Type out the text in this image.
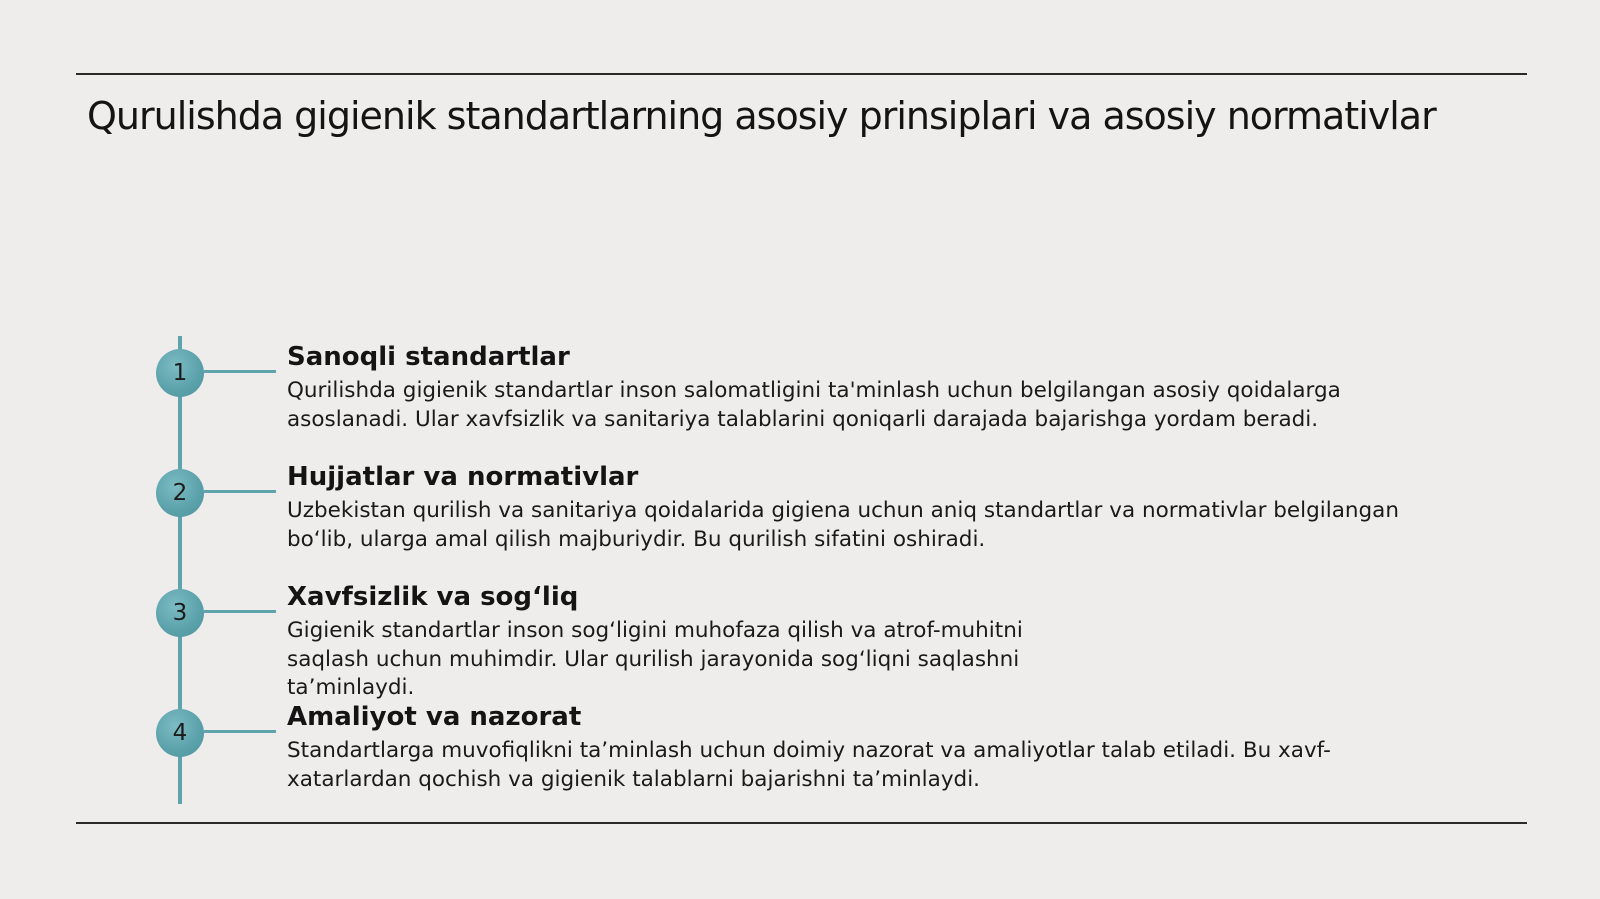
Qurulishda gigienik standartlarning asosiy prinsiplari va asosiy normativlar
1
Sanoqli standartlar

Qurilishda gigienik standartlar inson salomatligini ta'minlash uchun belgilangan asosiy qoidalarga asoslanadi. Ular xavfsizlik va sanitariya talablarini qoniqarli darajada bajarishga yordam beradi.

2
Hujjatlar va normativlar

Uzbekistan qurilish va sanitariya qoidalarida gigiena uchun aniq standartlar va normativlar belgilangan bo‘lib, ularga amal qilish majburiydir. Bu qurilish sifatini oshiradi.

3
Xavfsizlik va sog‘liq

Gigienik standartlar inson sog‘ligini muhofaza qilish va atrof-muhitni saqlash uchun muhimdir. Ular qurilish jarayonida sog‘liqni saqlashni ta’minlaydi.

4
Amaliyot va nazorat

Standartlarga muvofiqlikni ta’minlash uchun doimiy nazorat va amaliyotlar talab etiladi. Bu xavf-xatarlardan qochish va gigienik talablarni bajarishni ta’minlaydi.
